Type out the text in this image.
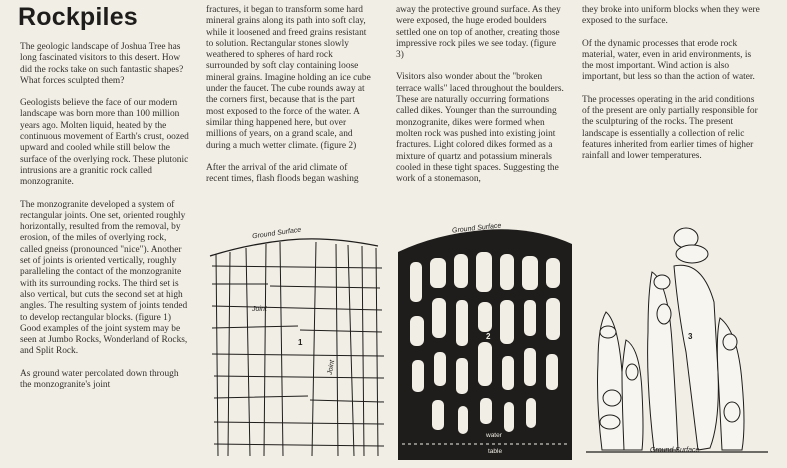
Rockpiles

The geologic landscape of Joshua Tree has long fascinated visitors to this desert. How did the rocks take on such fantastic shapes? What forces sculpted them?

Geologists believe the face of our modern landscape was born more than 100 million years ago. Molten liquid, heated by the continuous movement of Earth's crust, oozed upward and cooled while still below the surface of the overlying rock. These plutonic intrusions are a granitic rock called monzogranite.

The monzogranite developed a system of rectangular joints. One set, oriented roughly horizontally, resulted from the removal, by erosion, of the miles of overlying rock, called gneiss (pronounced "nice"). Another set of joints is oriented vertically, roughly paralleling the contact of the monzogranite with its surrounding rocks. The third set is also vertical, but cuts the second set at high angles. The resulting system of joints tended to develop rectangular blocks. (figure 1) Good examples of the joint system may be seen at Jumbo Rocks, Wonderland of Rocks, and Split Rock.

As ground water percolated down through the monzogranite's joint

fractures, it began to transform some hard mineral grains along its path into soft clay, while it loosened and freed grains resistant to solution. Rectangular stones slowly weathered to spheres of hard rock surrounded by soft clay containing loose mineral grains. Imagine holding an ice cube under the faucet. The cube rounds away at the corners first, because that is the part most exposed to the force of the water. A similar thing happened here, but over millions of years, on a grand scale, and during a much wetter climate. (figure 2)

After the arrival of the arid climate of recent times, flash floods began washing

away the protective ground surface. As they were exposed, the huge eroded boulders settled one on top of another, creating those impressive rock piles we see today. (figure 3)

Visitors also wonder about the "broken terrace walls" laced throughout the boulders. These are naturally occurring formations called dikes. Younger than the surrounding monzogranite, dikes were formed when molten rock was pushed into existing joint fractures. Light colored dikes formed as a mixture of quartz and potassium minerals cooled in these tight spaces. Suggesting the work of a stonemason,

they broke into uniform blocks when they were exposed to the surface.

Of the dynamic processes that erode rock material, water, even in arid environments, is the most important. Wind action is also important, but less so than the action of water.

The processes operating in the arid conditions of the present are only partially responsible for the sculpturing of the rocks. The present landscape is essentially a collection of relic features inherited from earlier times of higher rainfall and lower temperatures.

Ground Surface
Joint
Joint
1
Ground Surface
2
water
table
3
Ground Surface
